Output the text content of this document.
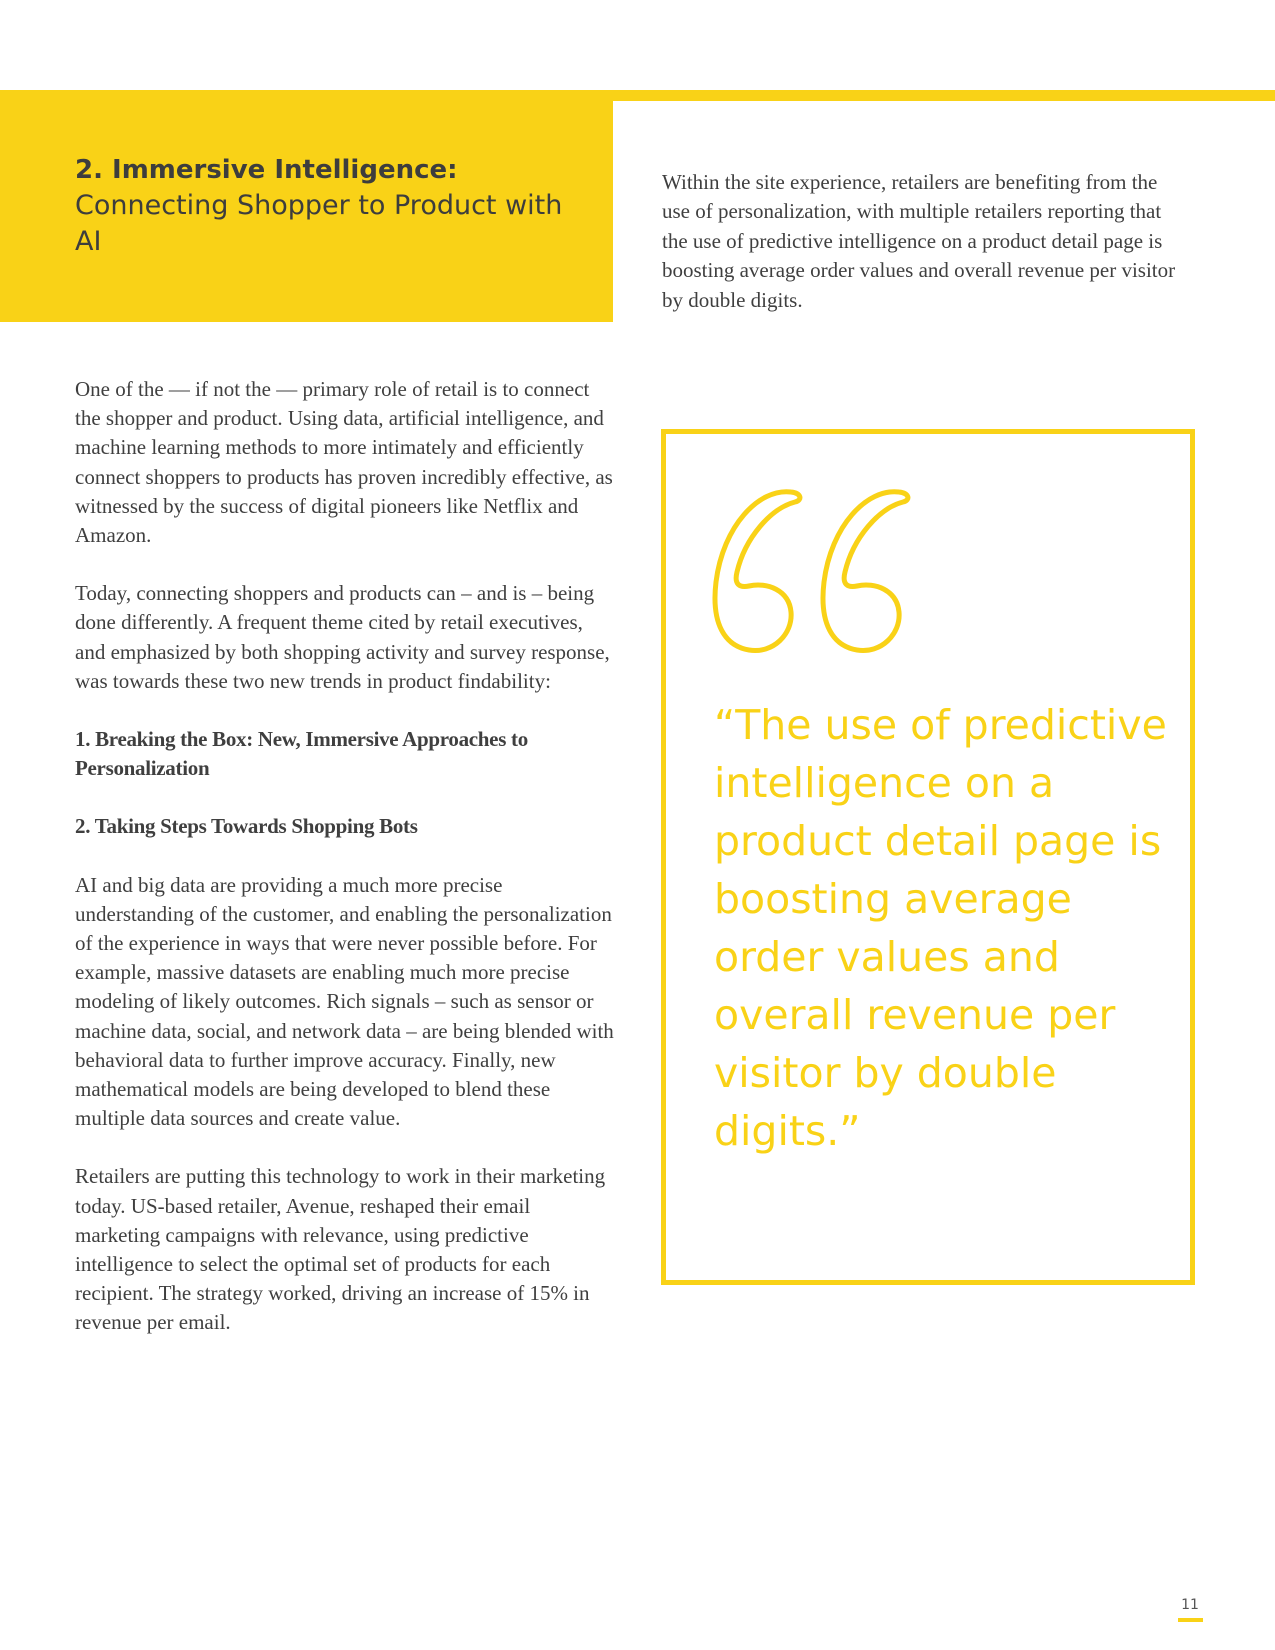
2. Immersive Intelligence:
Connecting Shopper to Product with AI

Within the site experience, retailers are benefiting from the use of personalization, with multiple retailers reporting that the use of predictive intelligence on a product detail page is boosting average order values and overall revenue per visitor by double digits.

One of the — if not the — primary role of retail is to connect the shopper and product. Using data, artificial intelligence, and machine learning methods to more intimately and efficiently connect shoppers to products has proven incredibly effective, as witnessed by the success of digital pioneers like Netflix and Amazon.

Today, connecting shoppers and products can – and is – being done differently. A frequent theme cited by retail executives, and emphasized by both shopping activity and survey response, was towards these two new trends in product findability:

1. Breaking the Box: New, Immersive Approaches to Personalization

2. Taking Steps Towards Shopping Bots

AI and big data are providing a much more precise understanding of the customer, and enabling the personalization of the experience in ways that were never possible before. For example, massive datasets are enabling much more precise modeling of likely outcomes. Rich signals – such as sensor or machine data, social, and network data – are being blended with behavioral data to further improve accuracy. Finally, new mathematical models are being developed to blend these multiple data sources and create value.

Retailers are putting this technology to work in their marketing today. US-based retailer, Avenue, reshaped their email marketing campaigns with relevance, using predictive intelligence to select the optimal set of products for each recipient. The strategy worked, driving an increase of 15% in revenue per email.

“The use of predictive intelligence on a product detail page is boosting average order values and overall revenue per visitor by double digits.”

11
